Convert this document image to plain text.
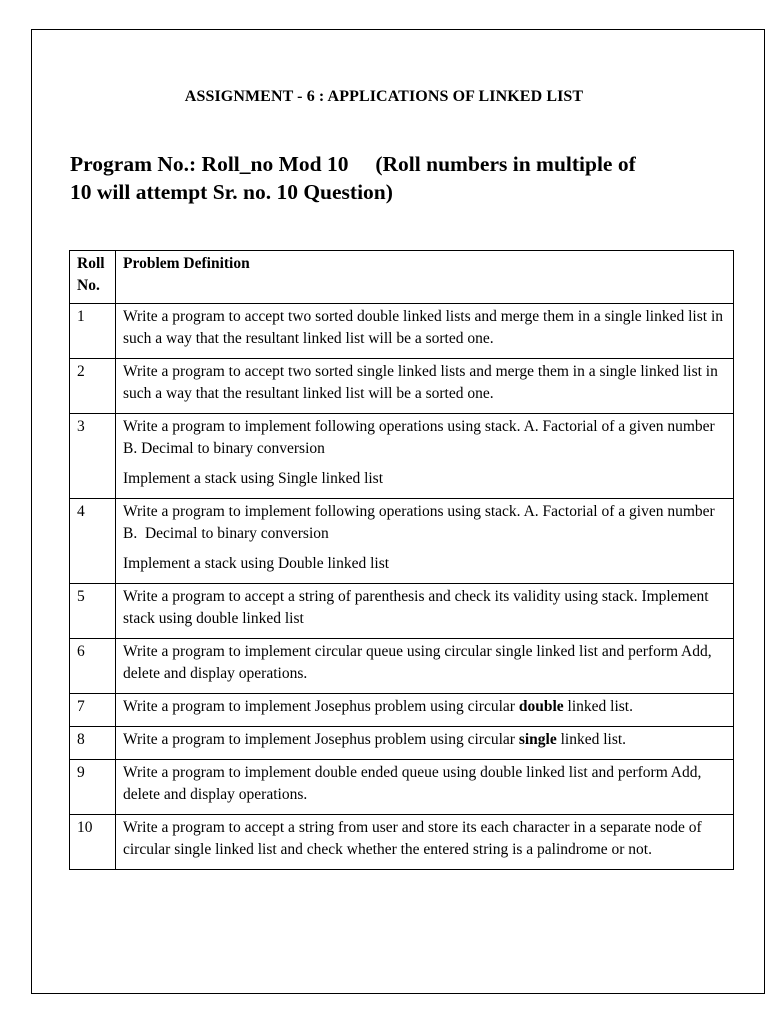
ASSIGNMENT - 6 : APPLICATIONS OF LINKED LIST
Program No.: Roll_no Mod 10     (Roll numbers in multiple of
10 will attempt Sr. no. 10 Question)
Roll No.	Problem Definition
1	Write a program to accept two sorted double linked lists and merge them in a single linked list in such a way that the resultant linked list will be a sorted one.
2	Write a program to accept two sorted single linked lists and merge them in a single linked list in such a way that the resultant linked list will be a sorted one.
3	Write a program to implement following operations using stack. A. Factorial of a given number   B. Decimal to binary conversion
Implement a stack using Single linked list

4	Write a program to implement following operations using stack. A. Factorial of a given number   B.  Decimal to binary conversion
Implement a stack using Double linked list

5	Write a program to accept a string of parenthesis and check its validity using stack. Implement stack using double linked list
6	Write a program to implement circular queue using circular single linked list and perform Add, delete and display operations.
7	Write a program to implement Josephus problem using circular double linked list.
8	Write a program to implement Josephus problem using circular single linked list.
9	Write a program to implement double ended queue using double linked list and perform Add, delete and display operations.
10	Write a program to accept a string from user and store its each character in a separate node of circular single linked list and check whether the entered string is a palindrome or not.
